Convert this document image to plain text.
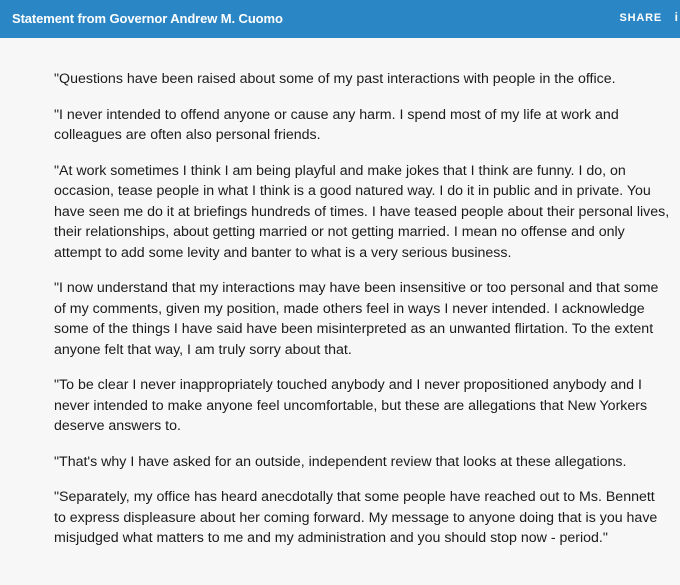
Statement from Governor Andrew M. Cuomo	SHARE i

"Questions have been raised about some of my past interactions with people in the office.

"I never intended to offend anyone or cause any harm. I spend most of my life at work and colleagues are often also personal friends.

"At work sometimes I think I am being playful and make jokes that I think are funny. I do, on occasion, tease people in what I think is a good natured way. I do it in public and in private. You have seen me do it at briefings hundreds of times. I have teased people about their personal lives, their relationships, about getting married or not getting married. I mean no offense and only attempt to add some levity and banter to what is a very serious business.

"I now understand that my interactions may have been insensitive or too personal and that some of my comments, given my position, made others feel in ways I never intended. I acknowledge some of the things I have said have been misinterpreted as an unwanted flirtation. To the extent anyone felt that way, I am truly sorry about that.

"To be clear I never inappropriately touched anybody and I never propositioned anybody and I never intended to make anyone feel uncomfortable, but these are allegations that New Yorkers deserve answers to.

"That's why I have asked for an outside, independent review that looks at these allegations.

"Separately, my office has heard anecdotally that some people have reached out to Ms. Bennett to express displeasure about her coming forward. My message to anyone doing that is you have misjudged what matters to me and my administration and you should stop now - period."
